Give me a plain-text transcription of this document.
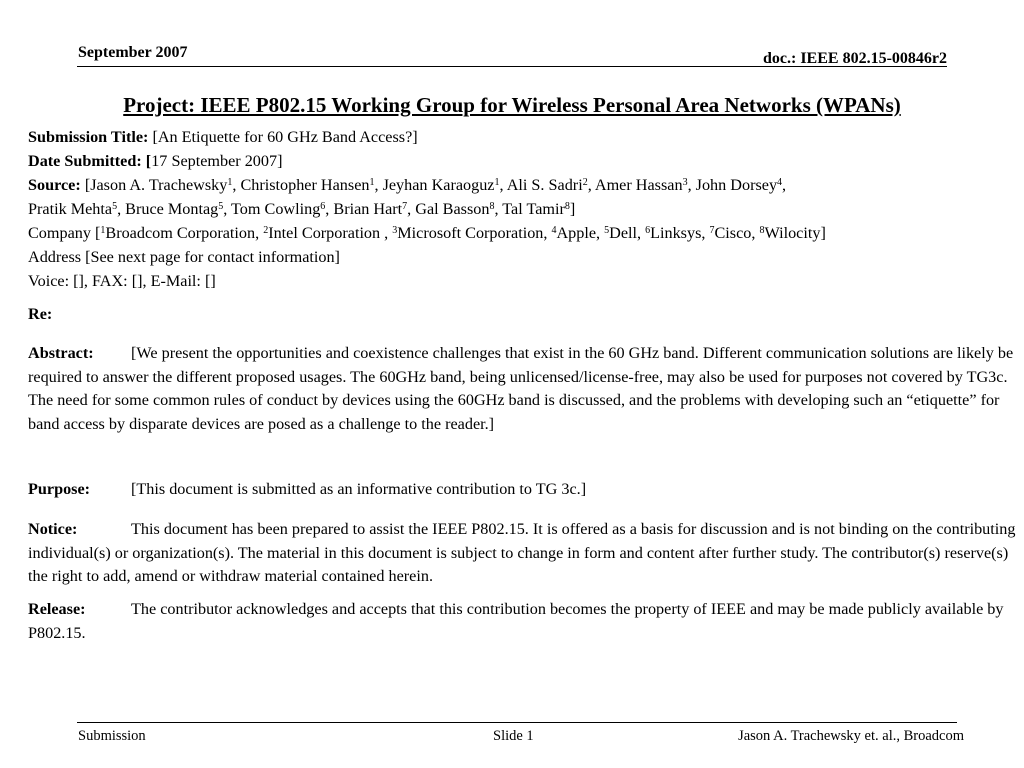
September 2007	doc.: IEEE 802.15-00846r2
Project: IEEE P802.15 Working Group for Wireless Personal Area Networks (WPANs)
Submission Title: [An Etiquette for 60 GHz Band Access?]
Date Submitted: [17 September 2007]
Source: [Jason A. Trachewsky$^1$, Christopher Hansen$^1$, Jeyhan Karaoguz$^1$, Ali S. Sadri$^2$, Amer Hassan$^3$, John Dorsey$^4$,
Pratik Mehta$^5$, Bruce Montag$^5$, Tom Cowling$^6$, Brian Hart$^7$, Gal Basson$^8$, Tal Tamir$^8$]
Company [$^1$Broadcom Corporation, $^2$Intel Corporation , $^3$Microsoft Corporation, $^4$Apple, $^5$Dell, $^6$Linksys, $^7$Cisco, $^8$Wilocity]
Address [See next page for contact information]
Voice: [], FAX: [], E-Mail: []
Re:
Abstract: [We present the opportunities and coexistence challenges that exist in the 60 GHz band. Different communication solutions are likely be required to answer the different proposed usages. The 60GHz band, being unlicensed/license-free, may also be used for purposes not covered by TG3c. The need for some common rules of conduct by devices using the 60GHz band is discussed, and the problems with developing such an “etiquette” for band access by disparate devices are posed as a challenge to the reader.]
Purpose:	[This document is submitted as an informative contribution to TG 3c.]
Notice:	This document has been prepared to assist the IEEE P802.15. It is offered as a basis for discussion and is not binding on the contributing individual(s) or organization(s). The material in this document is subject to change in form and content after further study. The contributor(s) reserve(s) the right to add, amend or withdraw material contained herein.
Release:	The contributor acknowledges and accepts that this contribution becomes the property of IEEE and may be made publicly available by P802.15.
Submission	Slide 1	Jason A. Trachewsky et. al., Broadcom
